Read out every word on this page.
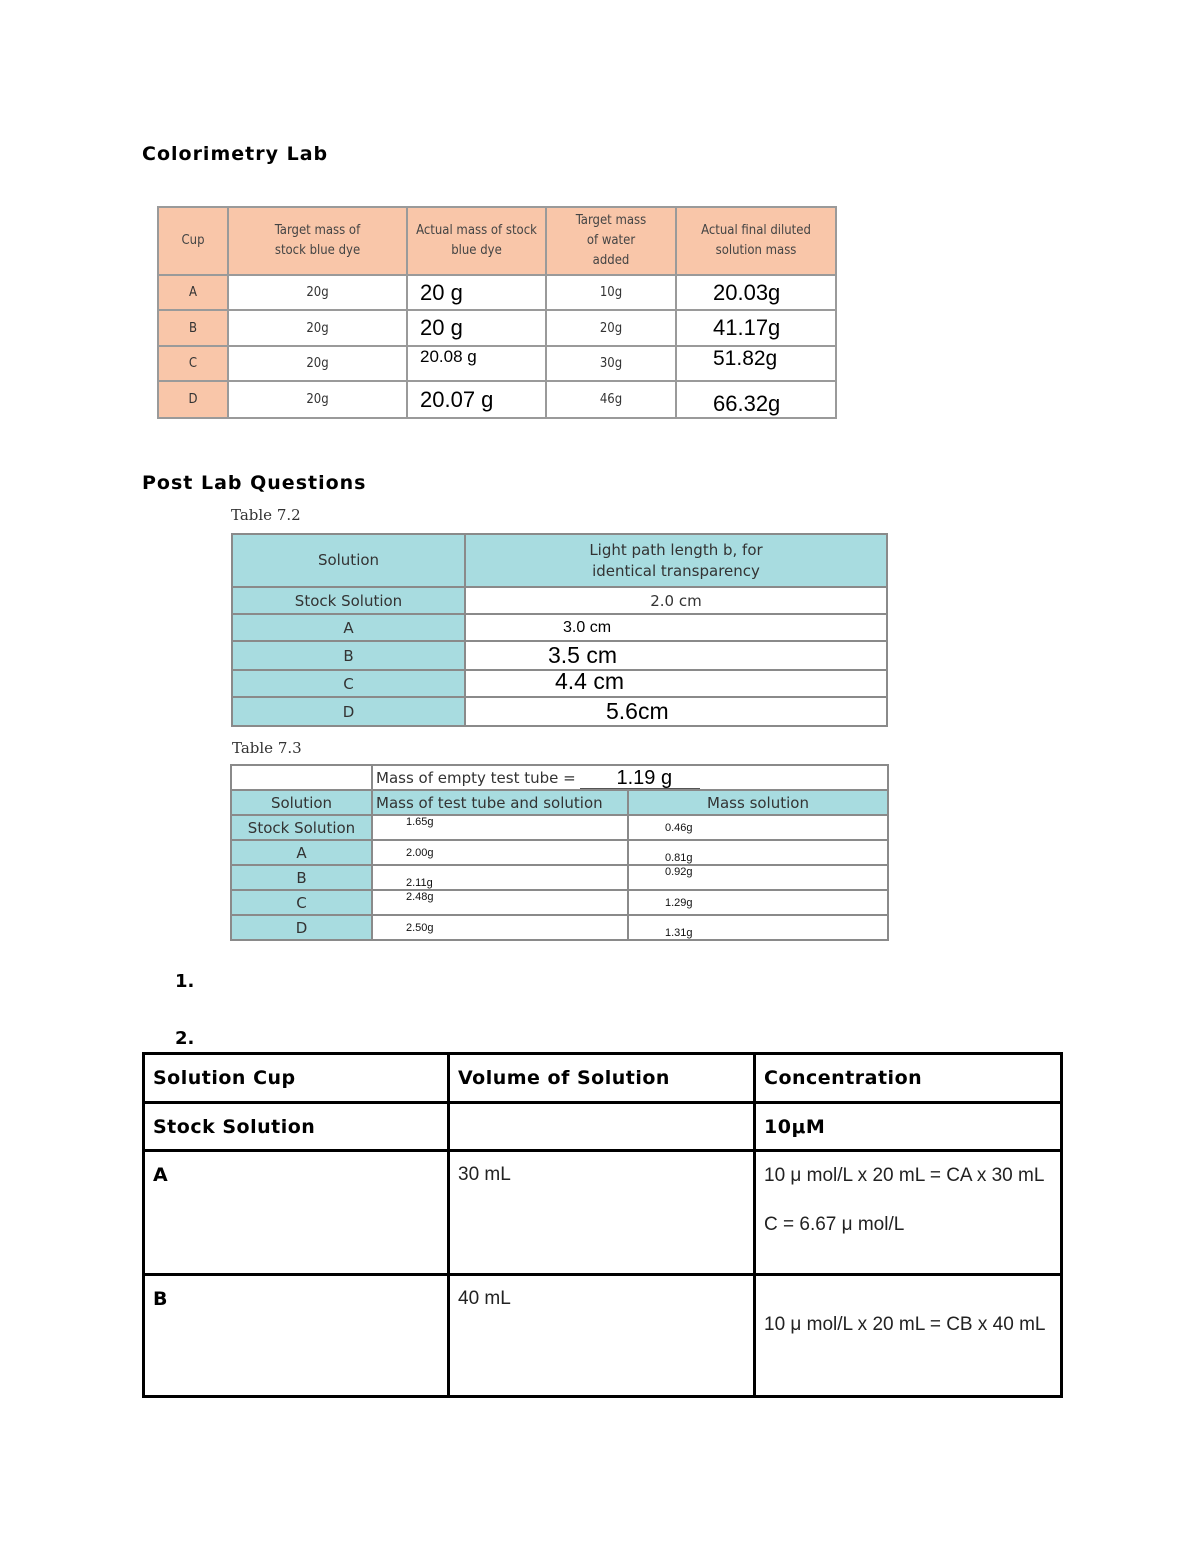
Colorimetry Lab
Cup	Target mass of stock blue dye	Actual mass of stock blue dye	Target mass of water added	Actual final diluted solution mass

A	20g	20 g	10g	20.03g
B	20g	20 g	20g	41.17g
C	20g	20.08 g	30g	51.82g
D	20g	20.07 g	46g	66.32g
Post Lab Questions
Table 7.2
Solution	Light path length b, for
identical transparency

Stock Solution	2.0 cm
A	3.0 cm
B	3.5 cm
C	4.4 cm
D	5.6cm
Table 7.3
	Mass of empty test tube = 1.19 g	

Solution	Mass of test tube and solution	Mass solution
Stock Solution	1.65g	0.46g
A	2.00g	0.81g
B	2.11g	0.92g
C	2.48g	1.29g
D	2.50g	1.31g
1.
2.
Solution Cup	Volume of Solution	Concentration
Stock Solution		10μM
A	30 mL	10 μ mol/L x 20 mL = CA x 30 mL
C = 6.67 μ mol/L

B	40 mL	10 μ mol/L x 20 mL = CB x 40 mL
